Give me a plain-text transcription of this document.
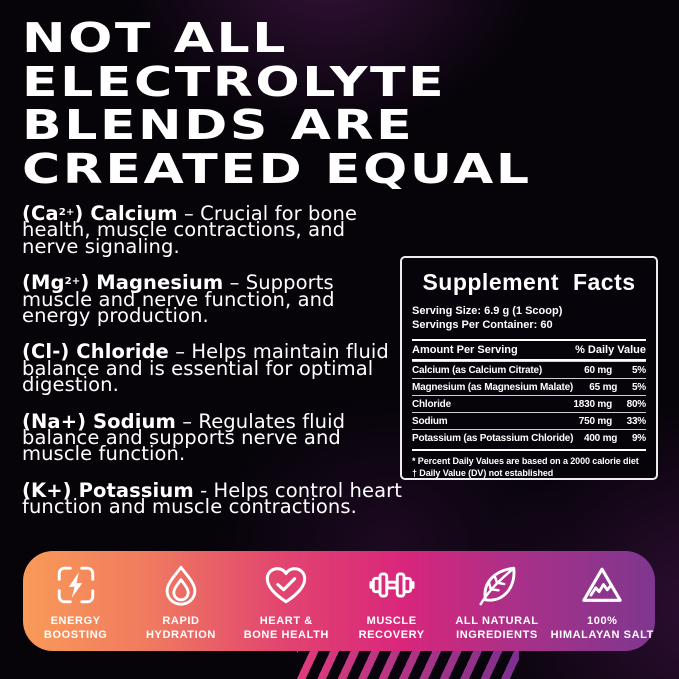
NOT ALL
ELECTROLYTE
BLENDS ARE
CREATED EQUAL

$(Ca^{2+})$ Calcium – Crucial for bone health, muscle contractions, and nerve signaling.

$(Mg^{2+})$ Magnesium – Supports muscle and nerve function, and energy production.

(Cl-) Chloride – Helps maintain fluid balance and is essential for optimal digestion.

(Na+) Sodium – Regulates fluid balance and supports nerve and muscle function.

(K+) Potassium - Helps control heart function and muscle contractions.

Supplement Facts
Serving Size: 6.9 g (1 Scoop)
Servings Per Container: 60
Amount Per Serving	% Daily Value
Calcium (as Calcium Citrate)	60 mg	5%
Magnesium (as Magnesium Malate)	65 mg	5%
Chloride	1830 mg	80%
Sodium	750 mg	33%
Potassium (as Potassium Chloride)	400 mg	9%
* Percent Daily Values are based on a 2000 calorie diet
† Daily Value (DV) not established
ENERGY
BOOSTING
RAPID
HYDRATION
HEART &
BONE HEALTH
MUSCLE
RECOVERY
ALL NATURAL
INGREDIENTS
100%
HIMALAYAN SALT
